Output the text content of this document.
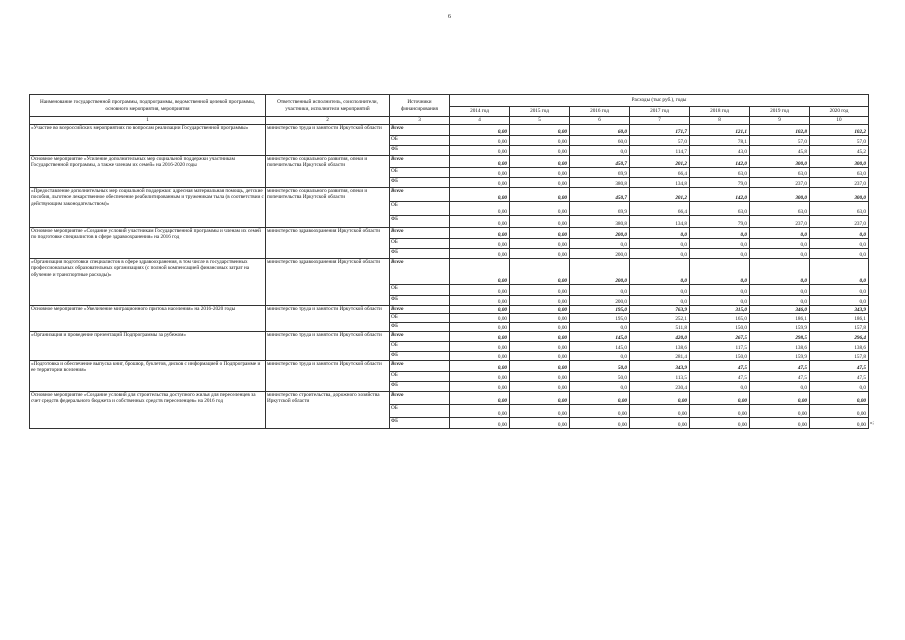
6
Наименование государственной программы, подпрограммы, ведомственной целевой программы, основного мероприятия, мероприятия	Ответственный исполнитель, соисполнители, участники, исполнители мероприятий	Источники финансирования	Расходы (тыс руб.), годы						
			2014 год	2015 год	2016 год	2017 год	2018 год	2019 год	2020 год
1	2	3	4	5	6	7	8	9	10
«Участие во всероссийских мероприятиях по вопросам реализации Государственной программы»	министерство труда и занятости Иркутской области	Всего	0,00	0,00	60,0	171,7	121,1	102,8	102,2
		ОБ	0,00	0,00	60,0	57,0	78,1	57,0	57,0
		ФБ	0,00	0,00	0,0	114,7	43,0	45,8	45,2
Основное мероприятие «Усиление дополнительных мер социальной поддержки участникам Государственной программы, а также членам их семей» на 2016-2020 годы	министерство социального развития, опеки и попечительства Иркутской области	Всего	0,00	0,00	450,7	201,2	142,0	300,0	300,0
		ОБ	0,00	0,00	69,9	66,4	63,0	63,0	63,0
		ФБ	0,00	0,00	380,8	134,8	79,0	237,0	237,0
«Предоставление дополнительных мер социальной поддержки: адресная материальная помощь, детские пособия, льготное лекарственное обеспечение реабилитированным и труженикам тыла (в соответствии с действующим законодательством)»	министерство социального развития, опеки и попечительства Иркутской области	Всего	0,00	0,00	450,7	201,2	142,0	300,0	300,0
		ОБ	0,00	0,00	69,9	66,4	63,0	63,0	63,0
		ФБ	0,00	0,00	380,8	134,8	79,0	237,0	237,0
Основное мероприятие «Создание условий участникам Государственной программы и членам их семей по подготовке специалистов в сфере здравоохранения» на 2016 год	министерство здравоохранения Иркутской области	Всего	0,00	0,00	200,0	0,0	0,0	0,0	0,0
		ОБ	0,00	0,00	0,0	0,0	0,0	0,0	0,0
		ФБ	0,00	0,00	200,0	0,0	0,0	0,0	0,0
«Организация подготовки специалистов в сфере здравоохранения, в том числе в государственных профессиональных образовательных организациях (с полной компенсацией финансовых затрат на обучение и транспортные расходы)»	министерство здравоохранения Иркутской области	Всего	0,00	0,00	200,0	0,0	0,0	0,0	0,0
		ОБ	0,00	0,00	0,0	0,0	0,0	0,0	0,0
		ФБ	0,00	0,00	200,0	0,0	0,0	0,0	0,0
Основное мероприятие «Увеличение миграционного притока населения» на 2016-2020 годы	министерство труда и занятости Иркутской области	Всего	0,00	0,00	195,0	763,9	315,0	346,0	343,9
		ОБ	0,00	0,00	195,0	252,1	165,0	186,1	186,1
		ФБ	0,00	0,00	0,0	511,8	150,0	159,9	157,8
«Организация и проведение презентаций Подпрограммы за рубежом»	министерство труда и занятости Иркутской области	Всего	0,00	0,00	145,0	420,0	267,5	298,5	296,4
		ОБ	0,00	0,00	145,0	138,6	117,5	138,6	138,6
		ФБ	0,00	0,00	0,0	281,4	150,0	159,9	157,8
«Подготовка и обеспечение выпуска книг, брошюр, буклетов, дисков с информацией о Подпрограмме и ее территории вселения»	министерство труда и занятости Иркутской области	Всего	0,00	0,00	50,0	343,9	47,5	47,5	47,5
		ОБ	0,00	0,00	50,0	113,5	47,5	47,5	47,5
		ФБ	0,00	0,00	0,0	230,4	0,0	0,0	0,0
Основное мероприятие «Создание условий для строительства доступного жилья для переселенцев за счет средств федерального бюджета и собственных средств переселенцев» на 2016 год	министерство строительства, дорожного хозяйства Иркутской области	Всего	0,00	0,00	0,00	0,00	0,00	0,00	0,00
		ОБ	0,00	0,00	0,00	0,00	0,00	0,00	0,00
		ФБ	0,00	0,00	0,00	0,00	0,00	0,00	0,00 »;
